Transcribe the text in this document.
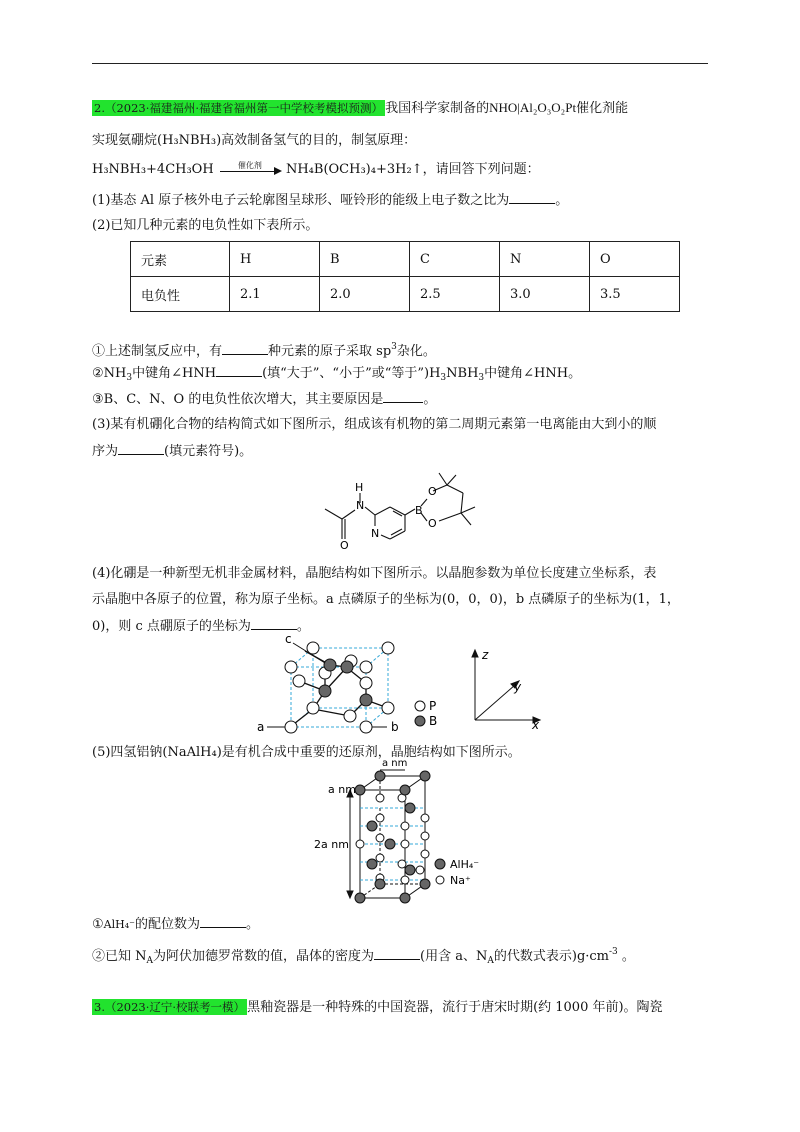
2.（2023·福建福州·福建省福州第一中学校考模拟预测） 我国科学家制备的NHO|Al₂O₃O₂Pt催化剂能
实现氨硼烷(H₃NBH₃)高效制备氢气的目的，制氢原理：
H₃NBH₃+4CH₃OH	催化剂	NH₄B(OCH₃)₄+3H₂↑，请回答下列问题：
(1)基态 Al 原子核外电子云轮廓图呈球形、哑铃形的能级上电子数之比为	。
(2)已知几种元素的电负性如下表所示。
元素	H	B	C	N	O
电负性	2.1	2.0	2.5	3.0	3.5
①上述制氢反应中，有	种元素的原子采取 $sp^3$杂化。
$②NH_3$中键角∠HNH	(填“大于”、“小于”或“等于$”)H_3NBH_3$中键角∠HNH。
③B、C、N、O 的电负性依次增大，其主要原因是	。
(3)某有机硼化合物的结构简式如下图所示，组成该有机物的第二周期元素第一电离能由大到小的顺
序为	(填元素符号)。
H
N
O
N
O
B
O
(4)化硼是一种新型无机非金属材料，晶胞结构如下图所示。以晶胞参数为单位长度建立坐标系，表
示晶胞中各原子的位置，称为原子坐标。a 点磷原子的坐标为(0，0，0)，b 点磷原子的坐标为(1，1，
0)，则 c 点硼原子的坐标为	。
a	b
c
P
B
z
y
x
(5)四氢铝钠(NaAlH₄)是有机合成中重要的还原剂，晶胞结构如下图所示。
AlH₄⁻
Na⁺
a nm
a nm
2a nm
①AlH₄⁻的配位数为	。
②已知 $N_A$为阿伏加德罗常数的值，晶体的密度为	(用含 a、$N_A$的代数式表示)$g\cdot cm^{-3}$ 。
3.（2023·辽宁·校联考一模） 黑釉瓷器是一种特殊的中国瓷器，流行于唐宋时期(约 1000 年前)。陶瓷
